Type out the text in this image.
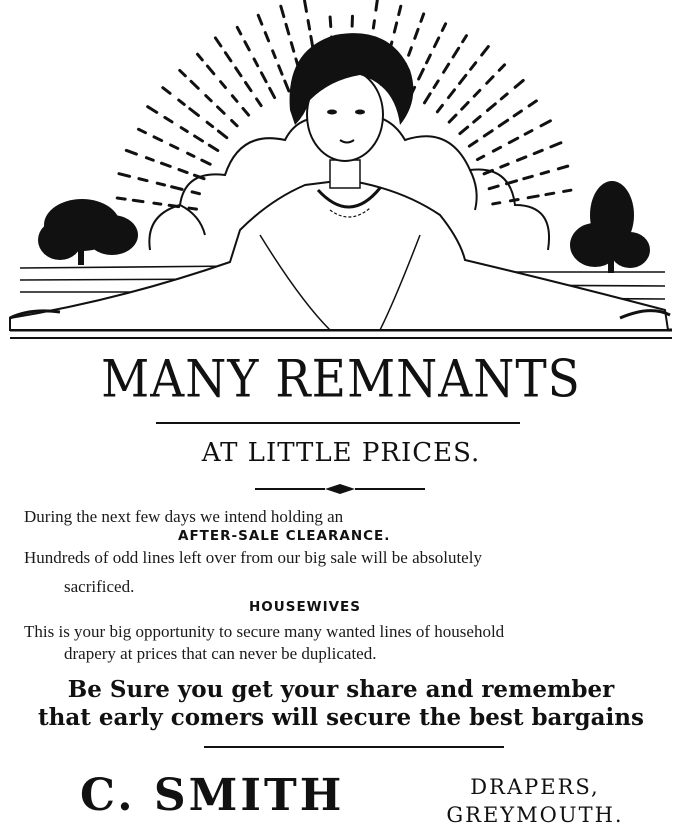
MANY REMNANTS
AT LITTLE PRICES.
During the next few days we intend holding an
AFTER-SALE CLEARANCE.
Hundreds of odd lines left over from our big sale will be absolutely
sacrificed.
HOUSEWIVES
This is your big opportunity to secure many wanted lines of household
drapery at prices that can never be duplicated.
Be Sure you get your share and remember
that early comers will secure the best bargains
C. SMITH	DRAPERS,
GREYMOUTH.
